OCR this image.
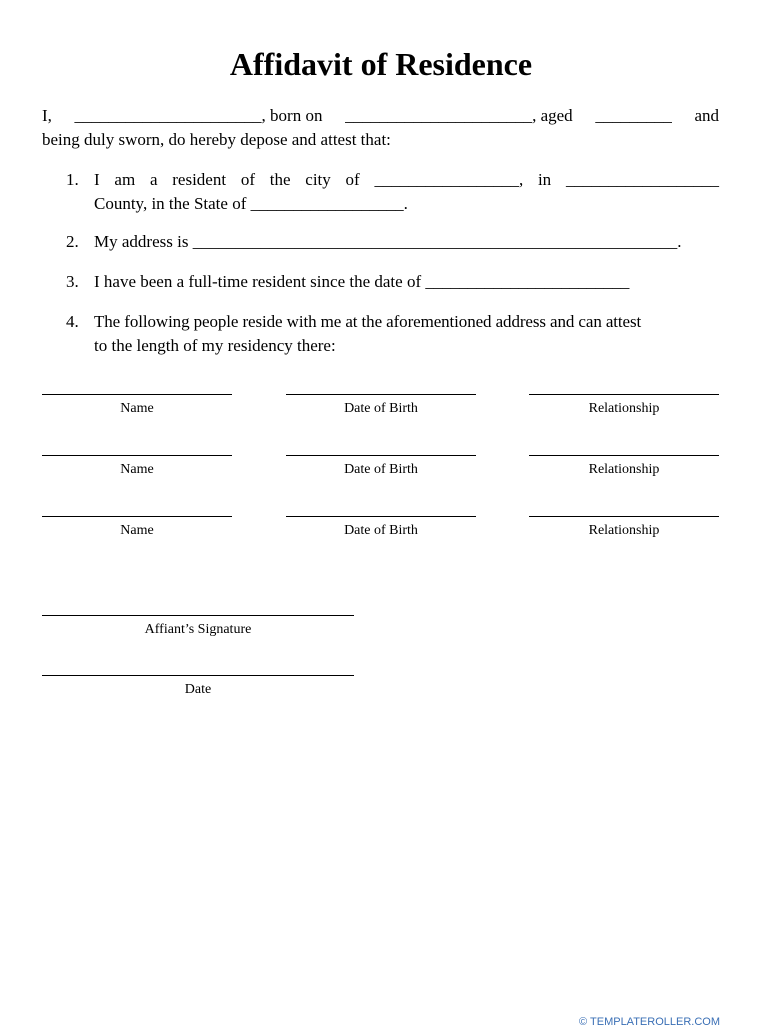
Affidavit of Residence
I, ______________________, born on ______________________, aged _________ and
being duly sworn, do hereby depose and attest that:
1. I am a resident of the city of _________________, in __________________
County, in the State of __________________.
2. My address is _________________________________________________________.
3. I have been a full-time resident since the date of ________________________
4. The following people reside with me at the aforementioned address and can attest
to the length of my residency there:
Name	Date of Birth	Relationship
Name	Date of Birth	Relationship
Name	Date of Birth	Relationship
Affiant’s Signature
Date
© TEMPLATEROLLER.COM
